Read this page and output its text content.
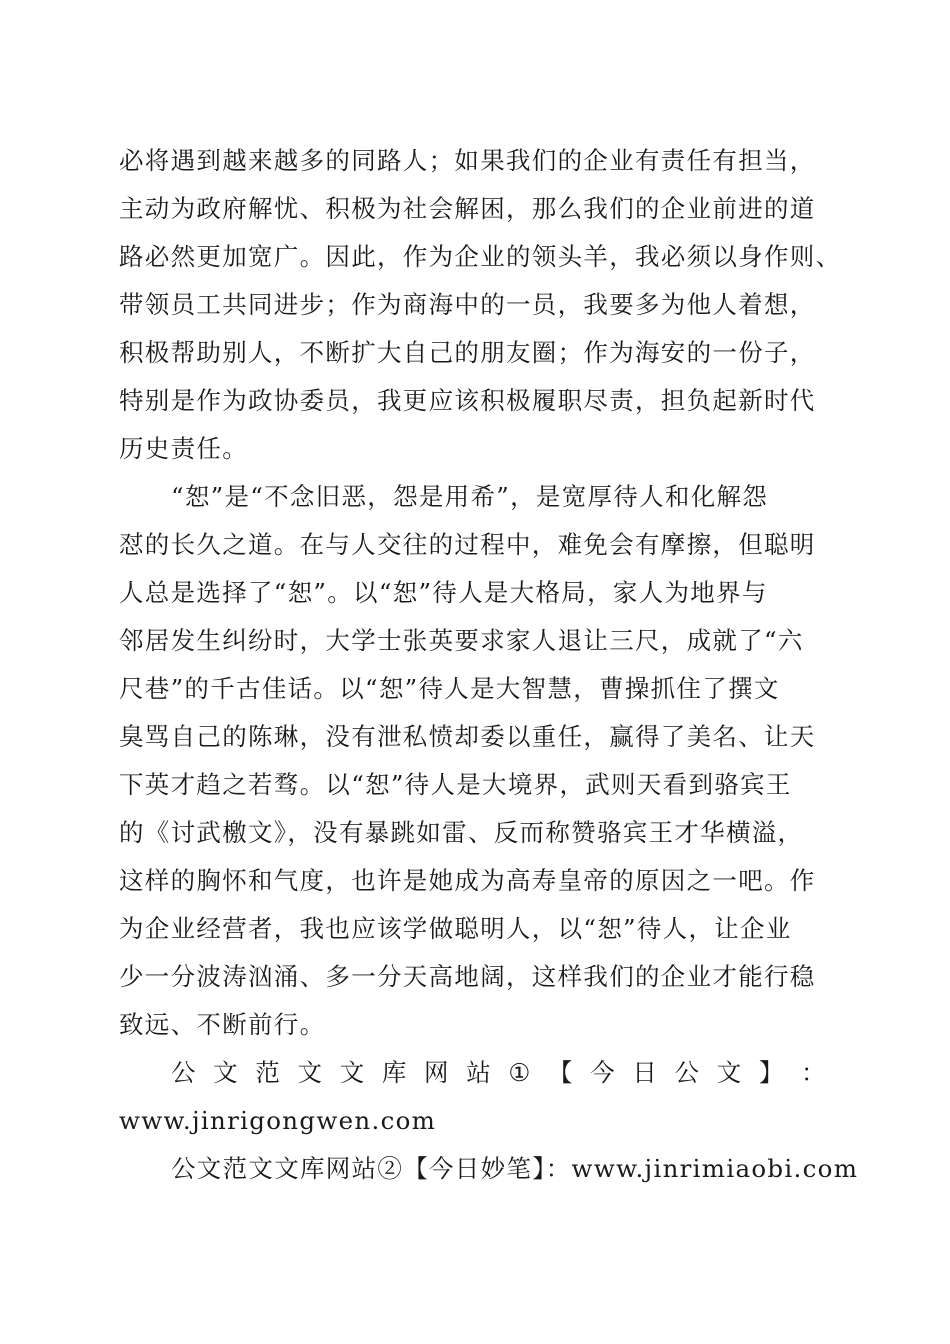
必将遇到越来越多的同路人；如果我们的企业有责任有担当，
主动为政府解忧、积极为社会解困，那么我们的企业前进的道
路必然更加宽广。因此，作为企业的领头羊，我必须以身作则、
带领员工共同进步；作为商海中的一员，我要多为他人着想，
积极帮助别人，不断扩大自己的朋友圈；作为海安的一份子，
特别是作为政协委员，我更应该积极履职尽责，担负起新时代
历史责任。
“恕”是“不念旧恶，怨是用希”，是宽厚待人和化解怨
怼的长久之道。在与人交往的过程中，难免会有摩擦，但聪明
人总是选择了“恕”。以“恕”待人是大格局，家人为地界与
邻居发生纠纷时，大学士张英要求家人退让三尺，成就了“六
尺巷”的千古佳话。以“恕”待人是大智慧，曹操抓住了撰文
臭骂自己的陈琳，没有泄私愤却委以重任，赢得了美名、让天
下英才趋之若骛。以“恕”待人是大境界，武则天看到骆宾王
的《讨武檄文》，没有暴跳如雷、反而称赞骆宾王才华横溢，
这样的胸怀和气度，也许是她成为高寿皇帝的原因之一吧。作
为企业经营者，我也应该学做聪明人，以“恕”待人，让企业
少一分波涛汹涌、多一分天高地阔，这样我们的企业才能行稳
致远、不断前行。
公 文 范 文 文 库 网 站 ① 【 今 日 公 文 】 ：
www.jinrigongwen.com
公文范文文库网站②【今日妙笔】：www.jinrimiaobi.com
